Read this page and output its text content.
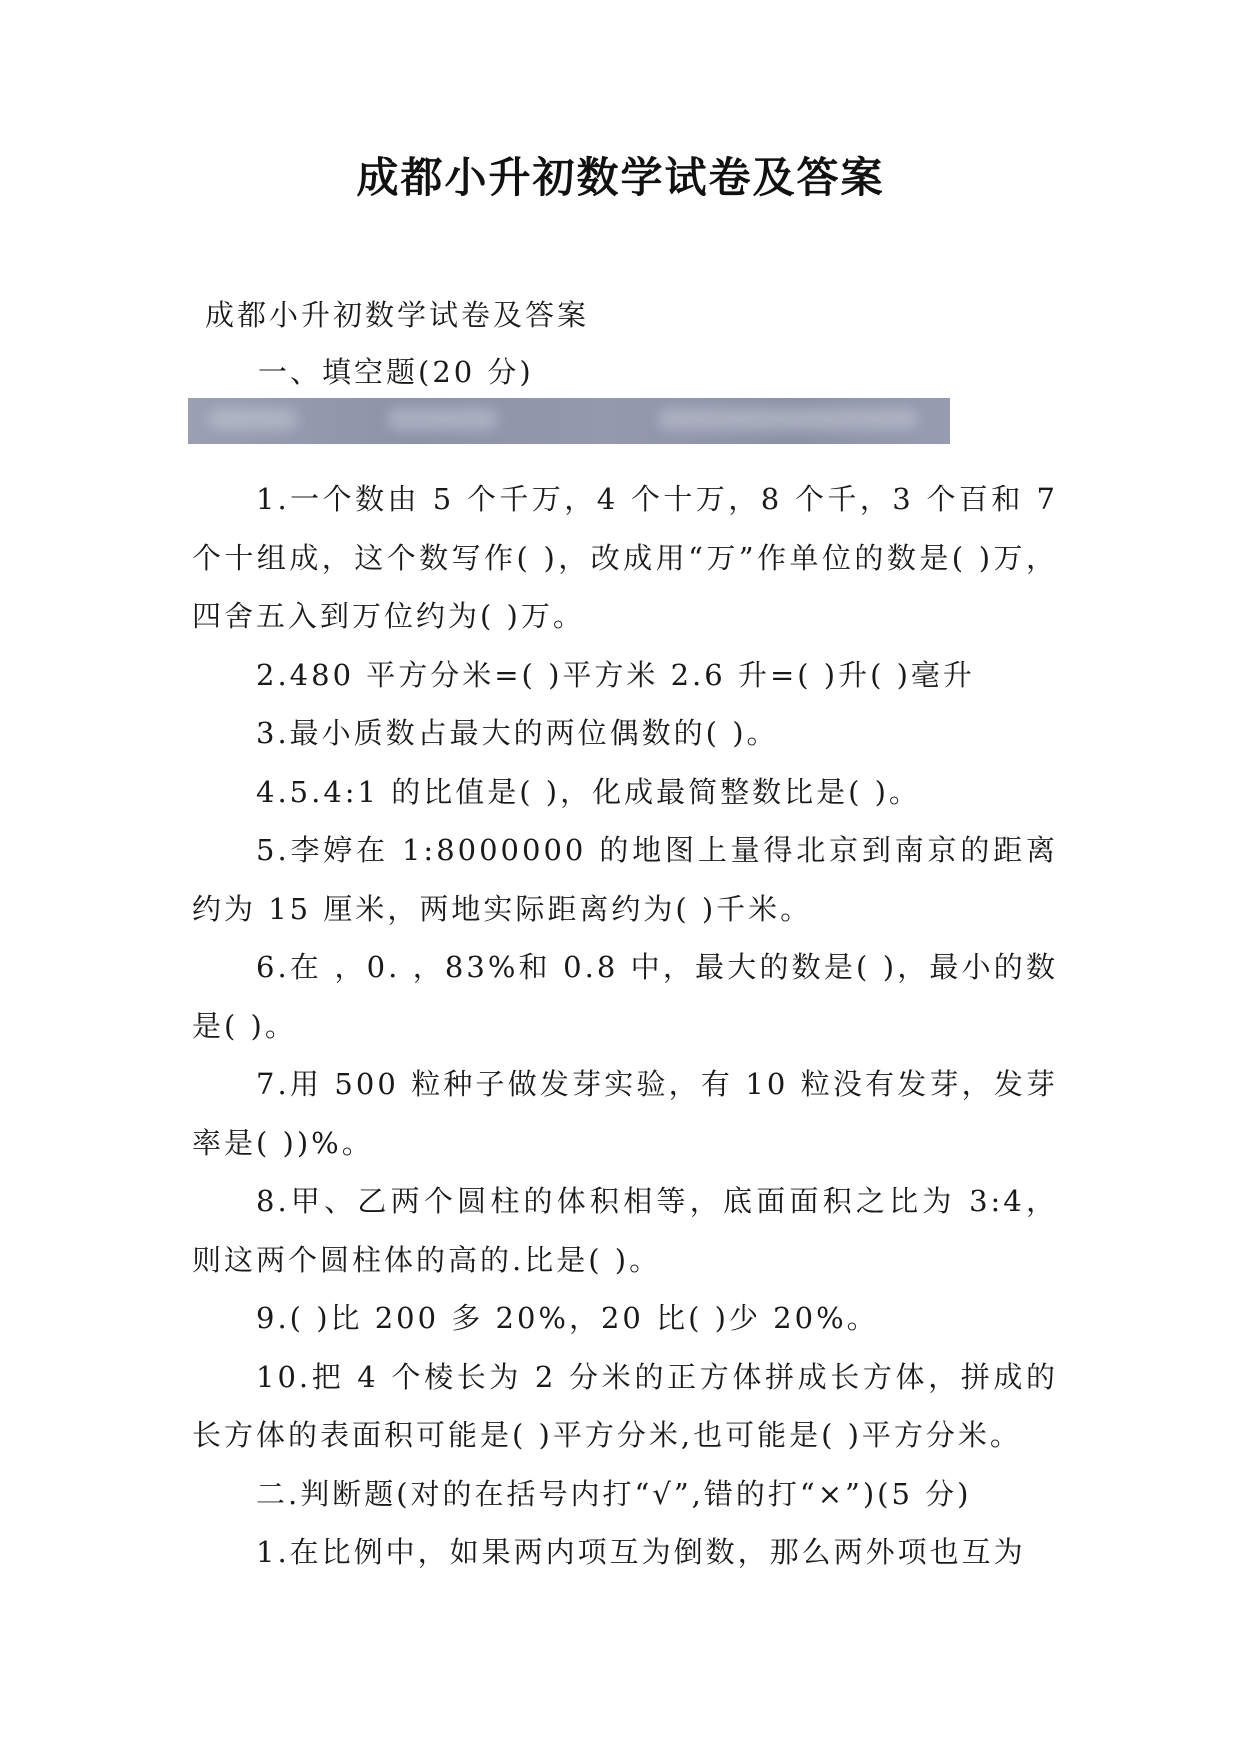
成都小升初数学试卷及答案
成都小升初数学试卷及答案
一、填空题(20 分)

1.一个数由 5 个千万，4 个十万，8 个千，3 个百和 7 个十组成，这个数写作( )，改成用“万”作单位的数是( )万，四舍五入到万位约为( )万。

2.480 平方分米=( )平方米 2.6 升=( )升( )毫升

3.最小质数占最大的两位偶数的( )。

4.5.4:1 的比值是( )，化成最简整数比是( )。

5.李婷在 1:8000000 的地图上量得北京到南京的距离约为 15 厘米，两地实际距离约为( )千米。

6.在 ，0. ，83%和 0.8 中，最大的数是( )，最小的数是( )。

7.用 500 粒种子做发芽实验，有 10 粒没有发芽，发芽率是( ))%。

8.甲、乙两个圆柱的体积相等，底面面积之比为 3:4，则这两个圆柱体的高的.比是( )。

9.( )比 200 多 20%，20 比( )少 20%。

10.把 4 个棱长为 2 分米的正方体拼成长方体，拼成的长方体的表面积可能是( )平方分米,也可能是( )平方分米。

二.判断题(对的在括号内打“√”,错的打“×”)(5 分)

1.在比例中，如果两内项互为倒数，那么两外项也互为
